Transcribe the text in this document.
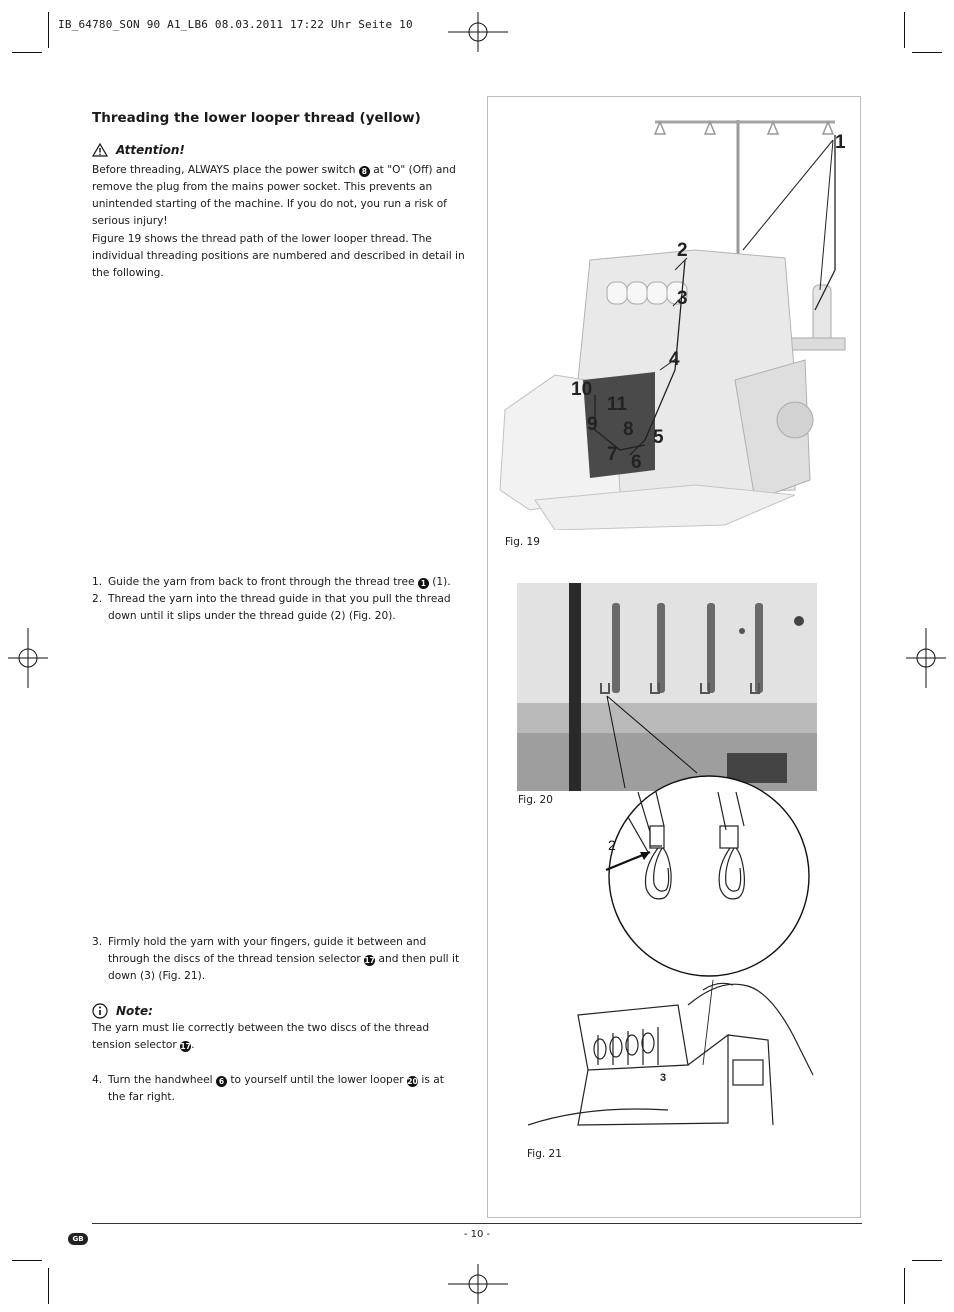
IB_64780_SON 90 A1_LB6 08.03.2011 17:22 Uhr Seite 10
Threading the lower looper thread (yellow)
Attention!
Before threading, ALWAYS place the power switch 8 at "O" (Off) and remove the plug from the mains power socket. This prevents an unintended starting of the machine. If you do not, you run a risk of serious injury!
Figure 19 shows the thread path of the lower looper thread. The individual threading positions are numbered and described in detail in the following.
1. Guide the yarn from back to front through the thread tree 1 (1).
2. Thread the yarn into the thread guide in that you pull the thread down until it slips under the thread guide (2) (Fig. 20).
3. Firmly hold the yarn with your fingers, guide it between and through the discs of the thread tension selector 17 and then pull it down (3) (Fig. 21).
Note:
The yarn must lie correctly between the two discs of the thread tension selector 17.
4. Turn the handwheel 6 to yourself until the lower looper 20 is at the far right.
1
2
3
4
5
6
7
8
9
10
11
Fig. 19
Fig. 20
2
3
Fig. 21
GB	- 10 -
